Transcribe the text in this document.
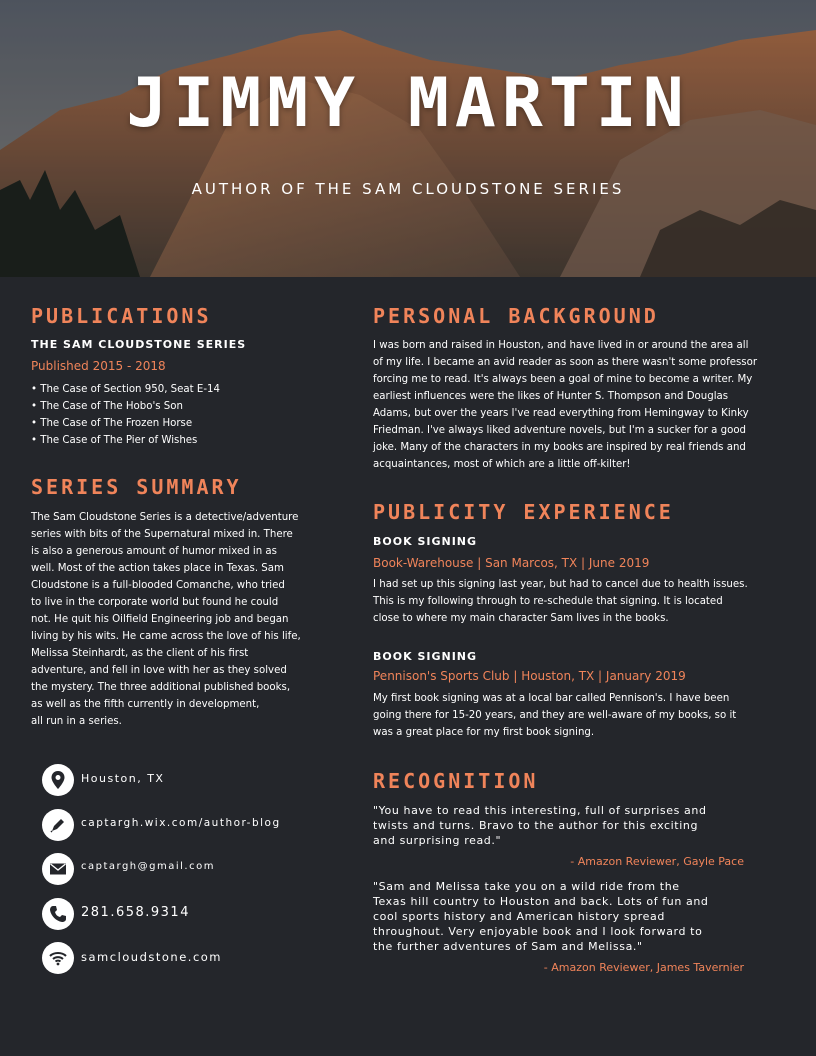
JIMMY MARTIN
AUTHOR OF THE SAM CLOUDSTONE SERIES
PUBLICATIONS
THE SAM CLOUDSTONE SERIES
Published 2015 - 2018
• The Case of Section 950, Seat E-14
• The Case of The Hobo's Son
• The Case of The Frozen Horse
• The Case of The Pier of Wishes
SERIES SUMMARY
The Sam Cloudstone Series is a detective/adventure
series with bits of the Supernatural mixed in. There
is also a generous amount of humor mixed in as
well. Most of the action takes place in Texas. Sam
Cloudstone is a full-blooded Comanche, who tried
to live in the corporate world but found he could
not. He quit his Oilfield Engineering job and began
living by his wits. He came across the love of his life,
Melissa Steinhardt, as the client of his first
adventure, and fell in love with her as they solved
the mystery. The three additional published books,
as well as the fifth currently in development,
all run in a series.
Houston, TX
captargh.wix.com/author-blog
captargh@gmail.com
281.658.9314
samcloudstone.com
PERSONAL BACKGROUND
I was born and raised in Houston, and have lived in or around the area all
of my life. I became an avid reader as soon as there wasn't some professor
forcing me to read. It's always been a goal of mine to become a writer. My
earliest influences were the likes of Hunter S. Thompson and Douglas
Adams, but over the years I've read everything from Hemingway to Kinky
Friedman. I've always liked adventure novels, but I'm a sucker for a good
joke. Many of the characters in my books are inspired by real friends and
acquaintances, most of which are a little off-kilter!
PUBLICITY EXPERIENCE
BOOK SIGNING
Book-Warehouse | San Marcos, TX | June 2019
I had set up this signing last year, but had to cancel due to health issues.
This is my following through to re-schedule that signing. It is located
close to where my main character Sam lives in the books.
BOOK SIGNING
Pennison's Sports Club | Houston, TX | January 2019
My first book signing was at a local bar called Pennison's. I have been
going there for 15-20 years, and they are well-aware of my books, so it
was a great place for my first book signing.
RECOGNITION
"You have to read this interesting, full of surprises and
twists and turns. Bravo to the author for this exciting
and surprising read."
- Amazon Reviewer, Gayle Pace
"Sam and Melissa take you on a wild ride from the
Texas hill country to Houston and back. Lots of fun and
cool sports history and American history spread
throughout. Very enjoyable book and I look forward to
the further adventures of Sam and Melissa."
- Amazon Reviewer, James Tavernier
